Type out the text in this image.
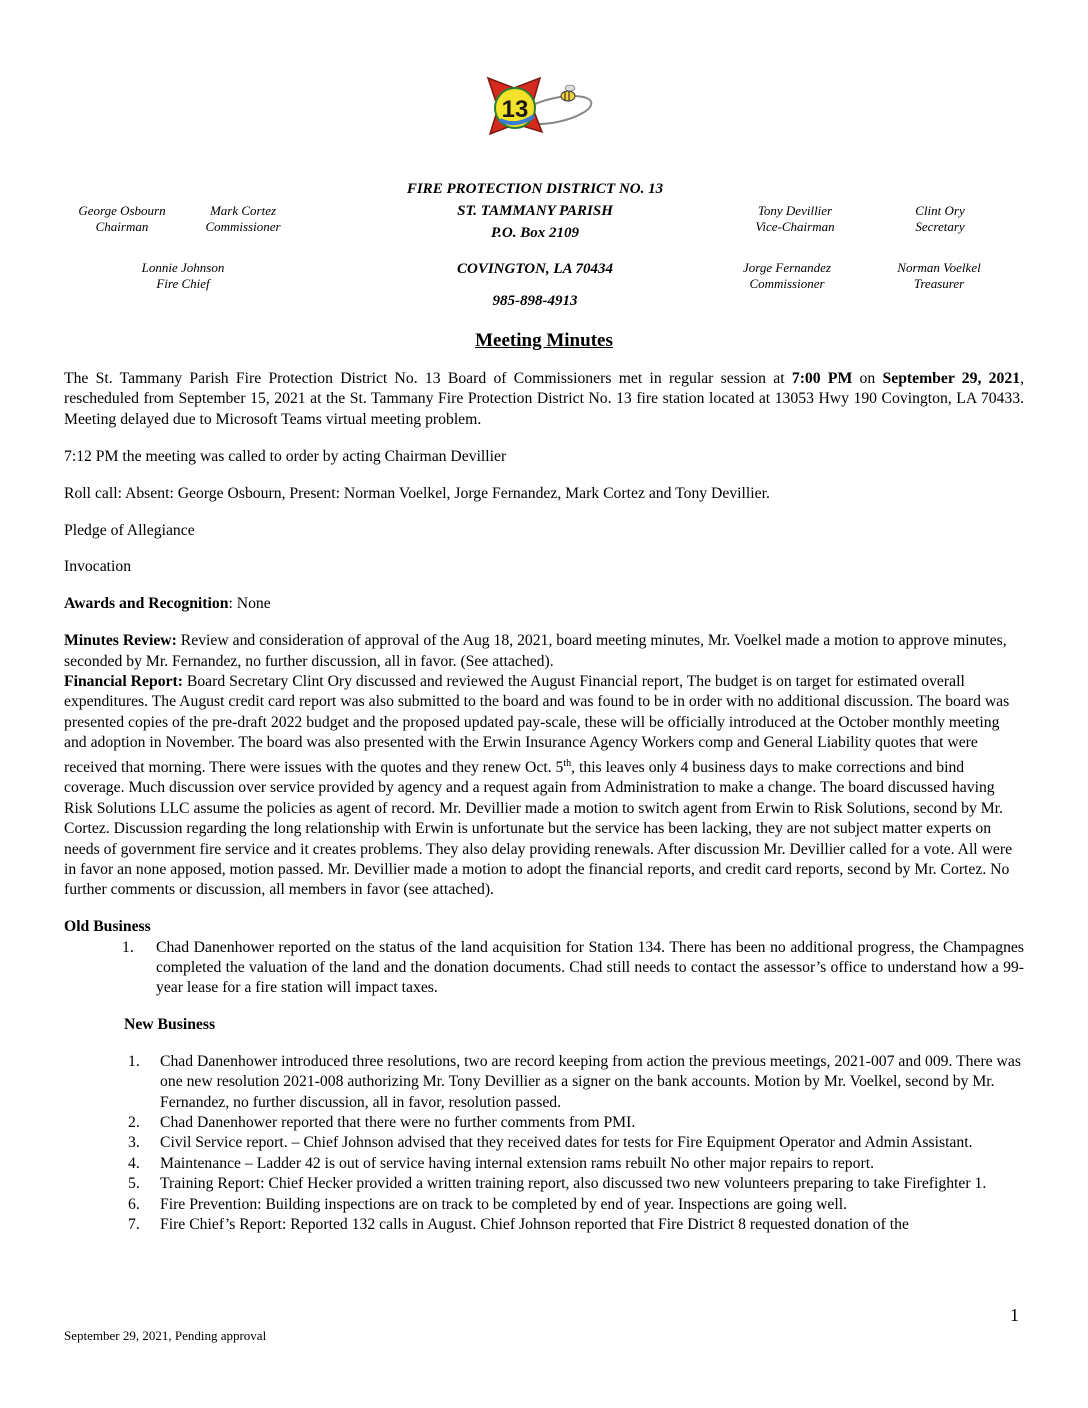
13
FIRE PROTECTION DISTRICT NO. 13
ST. TAMMANY PARISH
P.O. Box 2109
COVINGTON, LA 70434
985-898-4913
George Osbourn
Chairman
Mark Cortez
Commissioner
Lonnie Johnson
Fire Chief
Tony Devillier
Vice-Chairman
Clint Ory
Secretary
Jorge Fernandez
Commissioner
Norman Voelkel
Treasurer
Meeting Minutes

The St. Tammany Parish Fire Protection District No. 13 Board of Commissioners met in regular session at 7:00 PM on September 29, 2021, rescheduled from September 15, 2021 at the St. Tammany Fire Protection District No. 13 fire station located at 13053 Hwy 190 Covington, LA 70433. Meeting delayed due to Microsoft Teams virtual meeting problem.

7:12 PM the meeting was called to order by acting Chairman Devillier

Roll call: Absent: George Osbourn, Present: Norman Voelkel, Jorge Fernandez, Mark Cortez and Tony Devillier.

Pledge of Allegiance

Invocation

Awards and Recognition: None

Minutes Review: Review and consideration of approval of the Aug 18, 2021, board meeting minutes, Mr. Voelkel made a motion to approve minutes, seconded by Mr. Fernandez, no further discussion, all in favor. (See attached).

Financial Report: Board Secretary Clint Ory discussed and reviewed the August Financial report, The budget is on target for estimated overall expenditures. The August credit card report was also submitted to the board and was found to be in order with no additional discussion. The board was presented copies of the pre-draft 2022 budget and the proposed updated pay-scale, these will be officially introduced at the October monthly meeting and adoption in November. The board was also presented with the Erwin Insurance Agency Workers comp and General Liability quotes that were received that morning. There were issues with the quotes and they renew Oct. 5th, this leaves only 4 business days to make corrections and bind coverage. Much discussion over service provided by agency and a request again from Administration to make a change. The board discussed having Risk Solutions LLC assume the policies as agent of record. Mr. Devillier made a motion to switch agent from Erwin to Risk Solutions, second by Mr. Cortez. Discussion regarding the long relationship with Erwin is unfortunate but the service has been lacking, they are not subject matter experts on needs of government fire service and it creates problems. They also delay providing renewals. After discussion Mr. Devillier called for a vote. All were in favor an none apposed, motion passed. Mr. Devillier made a motion to adopt the financial reports, and credit card reports, second by Mr. Cortez. No further comments or discussion, all members in favor (see attached).

Old Business

1. Chad Danenhower reported on the status of the land acquisition for Station 134. There has been no additional progress, the Champagnes completed the valuation of the land and the donation documents. Chad still needs to contact the assessor’s office to understand how a 99-year lease for a fire station will impact taxes.

New Business

1. Chad Danenhower introduced three resolutions, two are record keeping from action the previous meetings, 2021-007 and 009. There was one new resolution 2021-008 authorizing Mr. Tony Devillier as a signer on the bank accounts. Motion by Mr. Voelkel, second by Mr. Fernandez, no further discussion, all in favor, resolution passed.
2. Chad Danenhower reported that there were no further comments from PMI.
3. Civil Service report. – Chief Johnson advised that they received dates for tests for Fire Equipment Operator and Admin Assistant.
4. Maintenance – Ladder 42 is out of service having internal extension rams rebuilt No other major repairs to report.
5. Training Report: Chief Hecker provided a written training report, also discussed two new volunteers preparing to take Firefighter 1.
6. Fire Prevention: Building inspections are on track to be completed by end of year. Inspections are going well.
7. Fire Chief’s Report: Reported 132 calls in August. Chief Johnson reported that Fire District 8 requested donation of the
1
September 29, 2021, Pending approval
